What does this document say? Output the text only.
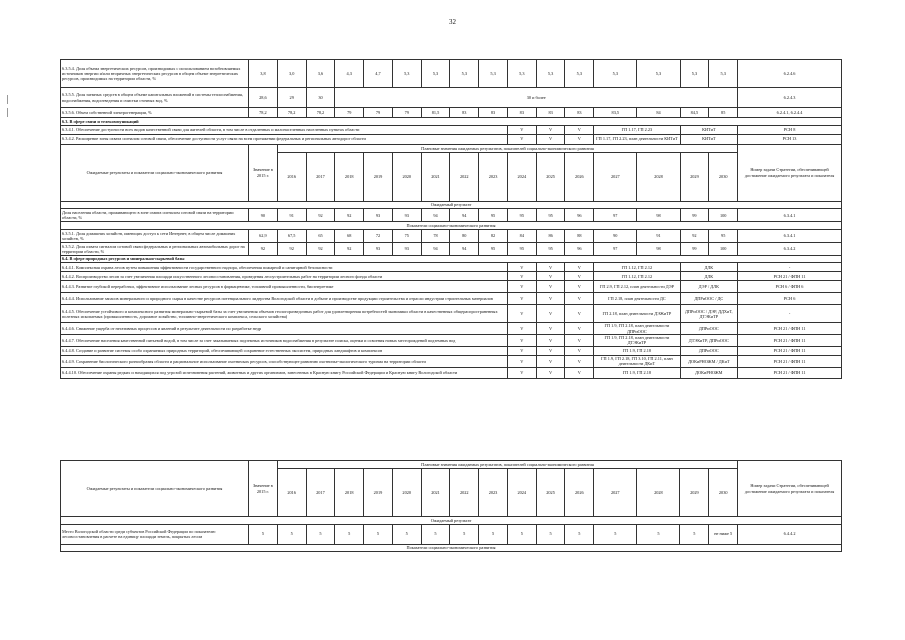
32
6.3.5.4. Доля объема энергетических ресурсов, производимых с использованием возобновляемых источников энергии и/или вторичных энергетических ресурсов в общем объеме энергетических ресурсов, производимых на территории области, %	3,8	3,0	3,6	4,3	4,7	5,3	5,3	5,3	5,3	5,3	5,3	5,3	5,3	5,3	5,3	5,3	6.2.4.6
6.3.5.5. Доля заемных средств в общем объеме капитальных вложений в системы теплоснабжения, водоснабжения, водоотведения и очистки сточных вод, %	28,6	29	30	30 и более													6.2.4.3
6.3.5.6. Объем собственной электрогенерации, %	78,2	78,2	78,2	79	79	79	81,5	83	83	83	83	83	83,5	84	84,5	85	6.2.4.1, 6.2.4.4
6.3. В сфере связи и телекоммуникаций																	
6.3.4.1. Обеспечение доступности всех видов качественной связи для жителей области, в том числе в отдаленных и малонаселенных населенных пунктах области										V	V	V	ГП 1.17, ГП 2.23		КИТиТ		РСН 8
6.3.4.2. Расширение зоны охвата сигналом сотовой связи, обеспечение доступности услуг связи на всем протяжении федеральных и региональных автодорог области										V	V	V	ГП 1.17, ГП 2.23, план деятельности КИТиТ		КИТиТ		РСН 13
Ожидаемые результаты и показатели социально-экономического развития	Значение в 2015 г.	Плановые значения ожидаемых результатов, показателей социально-экономического развития															Номер задачи Стратегии, обеспечивающей достижение ожидаемого результата и показателя
		2016	2017	2018	2019	2020	2021	2022	2023	2024	2025	2026	2027	2028	2029	2030	
Ожидаемый результат																	
Доля населения области, проживающего в зоне охвата сигналом сотовой связи на территории области, %	90	91	92	92	93	93	94	94	95	95	95	96	97	98	99	100	6.3.4.1
Показатели социально-экономического развития																	
6.3.5.1. Доля домашних хозяйств, имеющих доступ к сети Интернет, в общем числе домашних хозяйств, %	62,9	67,5	65	68	72	75	78	80	82	84	86	88	90	91	92	95	6.3.4.1
6.3.5.2. Доля охвата сигналом сотовой связи федеральных и региональных автомобильных дорог на территории области, %	92	92	92	92	93	93	94	94	95	95	95	96	97	98	99	100	6.3.4.2
6.4. В сфере природных ресурсов и минерально-сырьевой базы																	
6.4.4.1. Комплексная охрана лесов путем повышения эффективности государственного надзора, обеспечения пожарной и санитарной безопасности										V	V	V	ГП 1.12, ГП 2.12		ДЛК		-
6.4.4.2. Воспроизводство лесов за счет увеличения площади искусственного лесовосстановления, проведения лесоустроительных работ на территории лесного фонда области										V	V	V	ГП 1.12, ГП 2.12		ДЛК		РСН 21 / ФПН 11
6.4.4.3. Развитие глубокой переработки, эффективное использование лесных ресурсов в фармацевтике, топливной промышленности, биоэнергетике										V	V	V	ГП 2.9, ГП 2.12, план деятельности ДЭР		ДЭР / ДЛК		РСН 6 / ФПН 6
6.4.4.4. Использование запасов минерального и природного сырья в качестве ресурсов потенциального лидерства Вологодской области в добыче и производстве продукции строительства и отрасли индустрии строительных материалов										V	V	V	ГП 2.18, план деятельности ДС		ДПРиООС / ДС		РСН 6
6.4.4.5. Обеспечение устойчивого и комплексного развития минерально-сырьевой базы за счет увеличения объемов геологоразведочных работ для удовлетворения потребностей экономики области в качественных общераспространенных полезных ископаемых (промышленность, дорожное хозяйство, топливно-энергетического комплекса, сельского хозяйства)										V	V	V	ГП 2.18, план деятельности ДЭЖиТР		ДПРиООС / ДЭР, ДДХиТ, ДТЭКиТР		-
6.4.4.6. Снижение ущерба от негативных процессов и явлений в результате деятельности по разработке недр										V	V	V	ГП 1.9, ГП 2.18, план деятельности ДПРиООС		ДПРиООС		РСН 21 / ФПН 11
6.4.4.7. Обеспечение населения качественной питьевой водой, в том числе за счет заказываемых подземных источников водоснабжения в результате поиска, оценки и освоения новых месторождений подземных вод										V	V	V	ГП 1.9, ГП 2.18, план деятельности ДТЭКиТР		ДТЭКиТР, ДПРиООС		РСН 21 / ФПН 11
6.4.4.8. Создание и развитие системы особо охраняемых природных территорий, обеспечивающей сохранение естественных экосистем, природных ландшафтов и комплексов										V	V	V	ГП 1.9, ГП 2.18		ДПРиООС		РСН 21 / ФПН 11
6.4.4.9. Сохранение биологического разнообразия области и рациональное использование охотничьих ресурсов, способствующее развитию охотничье-экологического туризма на территории области										V	V	V	ГП 1.9, ГП 2.18, ГП 3.10, ГП 2.11, план деятельности ДКиТ		ДОКиРНОЖМ / ДКиТ		РСН 21 / ФПН 11
6.4.4.10. Обеспечение охраны редких и находящихся под угрозой исчезновения растений, животных и других организмов, занесенных в Красную книгу Российской Федерации и Красную книгу Вологодской области										V	V	V	ГП 1.9, ГП 2.18		ДОКиРНОЖМ		РСН 21 / ФПН 11
Ожидаемые результаты и показатели социально-экономического развития	Значение в 2015 г.	Плановые значения ожидаемых результатов, показателей социально-экономического развития															Номер задачи Стратегии, обеспечивающей достижение ожидаемого результата и показателя
		2016	2017	2018	2019	2020	2021	2022	2023	2024	2025	2026	2027	2028	2029	2030	
Ожидаемый результат																	
Место Вологодской области среди субъектов Российской Федерации по показателю лесовосстановления в расчете на единицу площади земель, покрытых лесом	5	5	5	5	5	5	5	5	5	5	5	5	5	5	5	не ниже 5	6.4.4.2
Показатели социально-экономического развития																	
